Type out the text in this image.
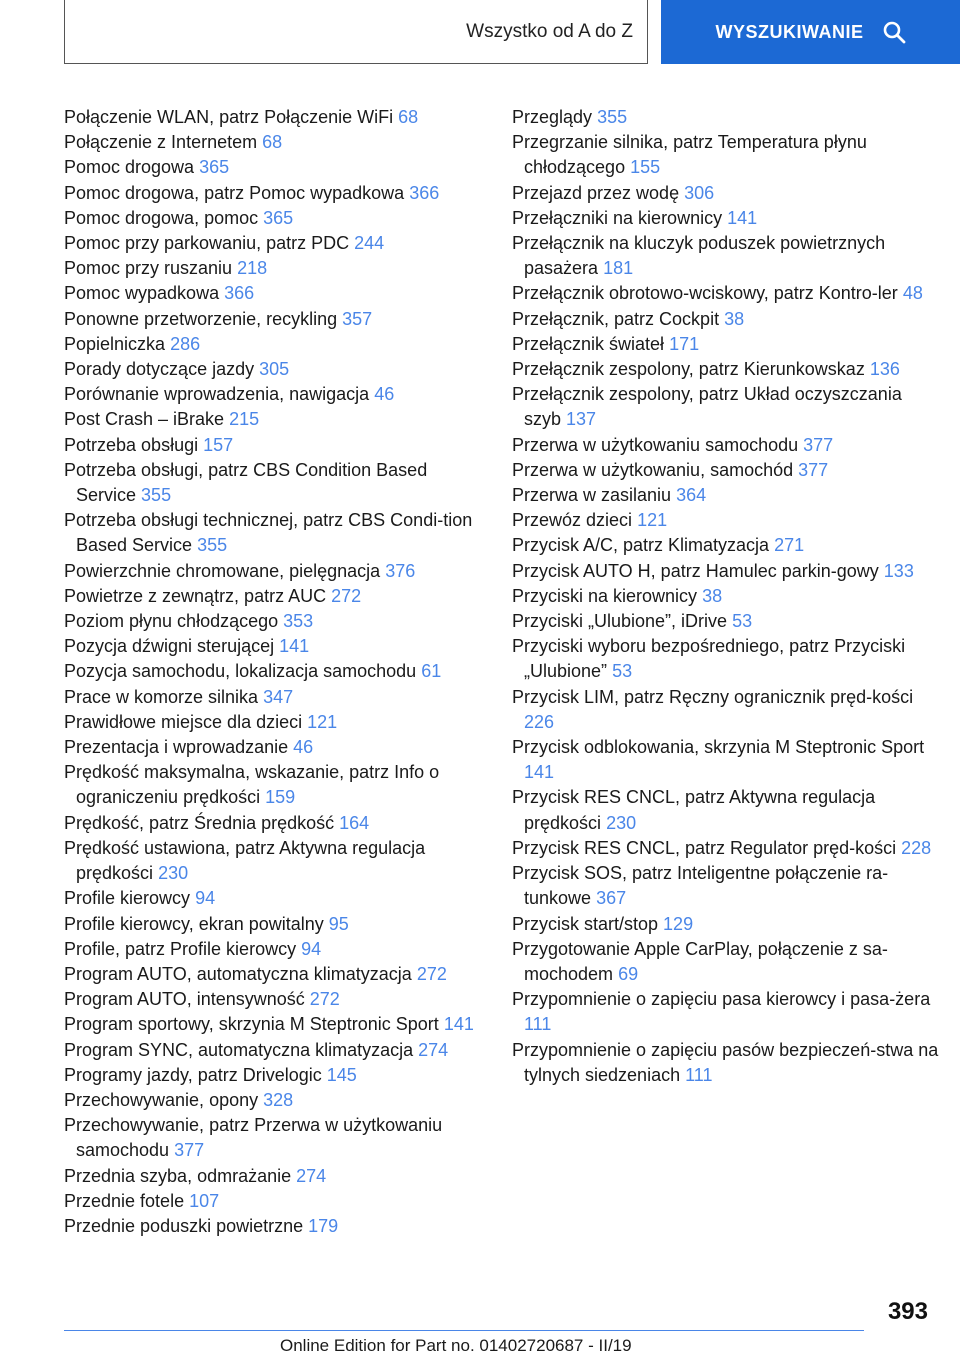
Wszystko od A do Z	WYSZUKIWANIE
Połączenie WLAN, patrz Połączenie WiFi 68
Połączenie z Internetem 68
Pomoc drogowa 365
Pomoc drogowa, patrz Pomoc wypadkowa 366
Pomoc drogowa, pomoc 365
Pomoc przy parkowaniu, patrz PDC 244
Pomoc przy ruszaniu 218
Pomoc wypadkowa 366
Ponowne przetworzenie, recykling 357
Popielniczka 286
Porady dotyczące jazdy 305
Porównanie wprowadzenia, nawigacja 46
Post Crash – iBrake 215
Potrzeba obsługi 157
Potrzeba obsługi, patrz CBS Condition Based Service 355
Potrzeba obsługi technicznej, patrz CBS Condi‐tion Based Service 355
Powierzchnie chromowane, pielęgnacja 376
Powietrze z zewnątrz, patrz AUC 272
Poziom płynu chłodzącego 353
Pozycja dźwigni sterującej 141
Pozycja samochodu, lokalizacja samochodu 61
Prace w komorze silnika 347
Prawidłowe miejsce dla dzieci 121
Prezentacja i wprowadzanie 46
Prędkość maksymalna, wskazanie, patrz Info o ograniczeniu prędkości 159
Prędkość, patrz Średnia prędkość 164
Prędkość ustawiona, patrz Aktywna regulacja prędkości 230
Profile kierowcy 94
Profile kierowcy, ekran powitalny 95
Profile, patrz Profile kierowcy 94
Program AUTO, automatyczna klimatyzacja 272
Program AUTO, intensywność 272
Program sportowy, skrzynia M Steptronic Sport 141
Program SYNC, automatyczna klimatyzacja 274
Programy jazdy, patrz Drivelogic 145
Przechowywanie, opony 328
Przechowywanie, patrz Przerwa w użytkowaniu samochodu 377
Przednia szyba, odmrażanie 274
Przednie fotele 107
Przednie poduszki powietrzne 179
Przeglądy 355
Przegrzanie silnika, patrz Temperatura płynu chłodzącego 155
Przejazd przez wodę 306
Przełączniki na kierownicy 141
Przełącznik na kluczyk poduszek powietrznych pasażera 181
Przełącznik obrotowo-wciskowy, patrz Kontro‐ler 48
Przełącznik, patrz Cockpit 38
Przełącznik świateł 171
Przełącznik zespolony, patrz Kierunkowskaz 136
Przełącznik zespolony, patrz Układ oczyszczania szyb 137
Przerwa w użytkowaniu samochodu 377
Przerwa w użytkowaniu, samochód 377
Przerwa w zasilaniu 364
Przewóz dzieci 121
Przycisk A/C, patrz Klimatyzacja 271
Przycisk AUTO H, patrz Hamulec parkin‐gowy 133
Przyciski na kierownicy 38
Przyciski „Ulubione”, iDrive 53
Przyciski wyboru bezpośredniego, patrz Przyciski „Ulubione” 53
Przycisk LIM, patrz Ręczny ogranicznik pręd‐kości 226
Przycisk odblokowania, skrzynia M Steptronic Sport 141
Przycisk RES CNCL, patrz Aktywna regulacja prędkości 230
Przycisk RES CNCL, patrz Regulator pręd‐kości 228
Przycisk SOS, patrz Inteligentne połączenie ra‐tunkowe 367
Przycisk start/stop 129
Przygotowanie Apple CarPlay, połączenie z sa‐mochodem 69
Przypomnienie o zapięciu pasa kierowcy i pasa‐żera 111
Przypomnienie o zapięciu pasów bezpieczeń‐stwa na tylnych siedzeniach 111
393
Online Edition for Part no. 01402720687 - II/19
